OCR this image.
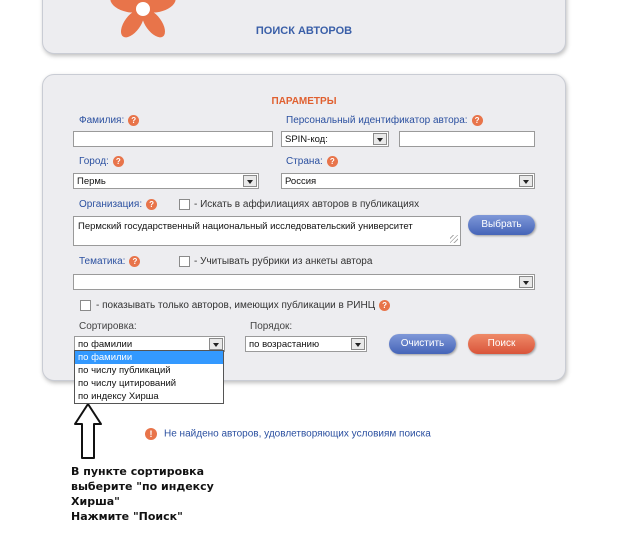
ПОИСК АВТОРОВ
ПАРАМЕТРЫ
Фамилия: ?	Персональный идентификатор автора: ?
SPIN-код:
Город: ?	Страна: ?
Пермь	Россия
Организация: ?	- Искать в аффилиациях авторов в публикациях
Пермский государственный национальный исследовательский университет	Выбрать
Тематика: ?	- Учитывать рубрики из анкеты автора
- показывать только авторов, имеющих публикации в РИНЦ ?
Сортировка:	Порядок:
по фамилии	по возрастанию	Очистить	Поиск
по фамилии
по числу публикаций
по числу цитирований
по индексу Хирша
! Не найдено авторов, удовлетворяющих условиям поиска
В пункте сортировка
выберите "по индексу
Хирша"
Нажмите "Поиск"
